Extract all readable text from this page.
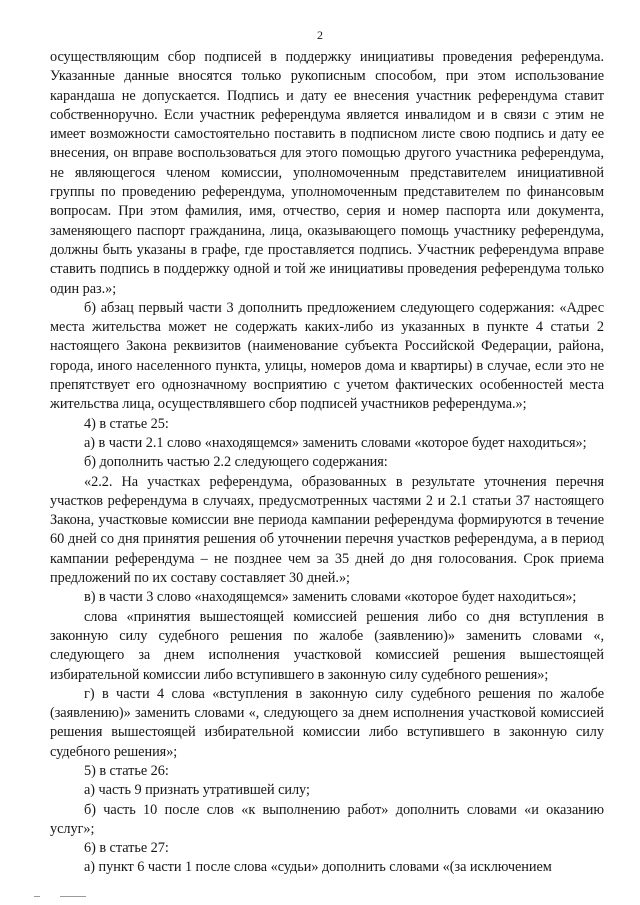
2

осуществляющим сбор подписей в поддержку инициативы проведения референдума. Указанные данные вносятся только рукописным способом, при этом использование карандаша не допускается. Подпись и дату ее внесения участник референдума ставит собственноручно. Если участник референдума является инвалидом и в связи с этим не имеет возможности самостоятельно поставить в подписном листе свою подпись и дату ее внесения, он вправе воспользоваться для этого помощью другого участника референдума, не являющегося членом комиссии, уполномоченным представителем инициативной группы по проведению референдума, уполномоченным представителем по финансовым вопросам. При этом фамилия, имя, отчество, серия и номер паспорта или документа, заменяющего паспорт гражданина, лица, оказывающего помощь участнику референдума, должны быть указаны в графе, где проставляется подпись. Участник референдума вправе ставить подпись в поддержку одной и той же инициативы проведения референдума только один раз.»;

б) абзац первый части 3 дополнить предложением следующего содержания: «Адрес места жительства может не содержать каких-либо из указанных в пункте 4 статьи 2 настоящего Закона реквизитов (наименование субъекта Российской Федерации, района, города, иного населенного пункта, улицы, номеров дома и квартиры) в случае, если это не препятствует его однозначному восприятию с учетом фактических особенностей места жительства лица, осуществлявшего сбор подписей участников референдума.»;

4) в статье 25:

а) в части 2.1 слово «находящемся» заменить словами «которое будет находиться»;

б) дополнить частью 2.2 следующего содержания:

«2.2. На участках референдума, образованных в результате уточнения перечня участков референдума в случаях, предусмотренных частями 2 и 2.1 статьи 37 настоящего Закона, участковые комиссии вне периода кампании референдума формируются в течение 60 дней со дня принятия решения об уточнении перечня участков референдума, а в период кампании референдума – не позднее чем за 35 дней до дня голосования. Срок приема предложений по их составу составляет 30 дней.»;

в) в части 3 слово «находящемся» заменить словами «которое будет находиться»;

слова «принятия вышестоящей комиссией решения либо со дня вступления в законную силу судебного решения по жалобе (заявлению)» заменить словами «, следующего за днем исполнения участковой комиссией решения вышестоящей избирательной комиссии либо вступившего в законную силу судебного решения»;

г) в части 4 слова «вступления в законную силу судебного решения по жалобе (заявлению)» заменить словами «, следующего за днем исполнения участковой комиссией решения вышестоящей избирательной комиссии либо вступившего в законную силу судебного решения»;

5) в статье 26:

а) часть 9 признать утратившей силу;

б) часть 10 после слов «к выполнению работ» дополнить словами «и оказанию услуг»;

6) в статье 27:

а) пункт 6 части 1 после слова «судьи» дополнить словами «(за исключением
